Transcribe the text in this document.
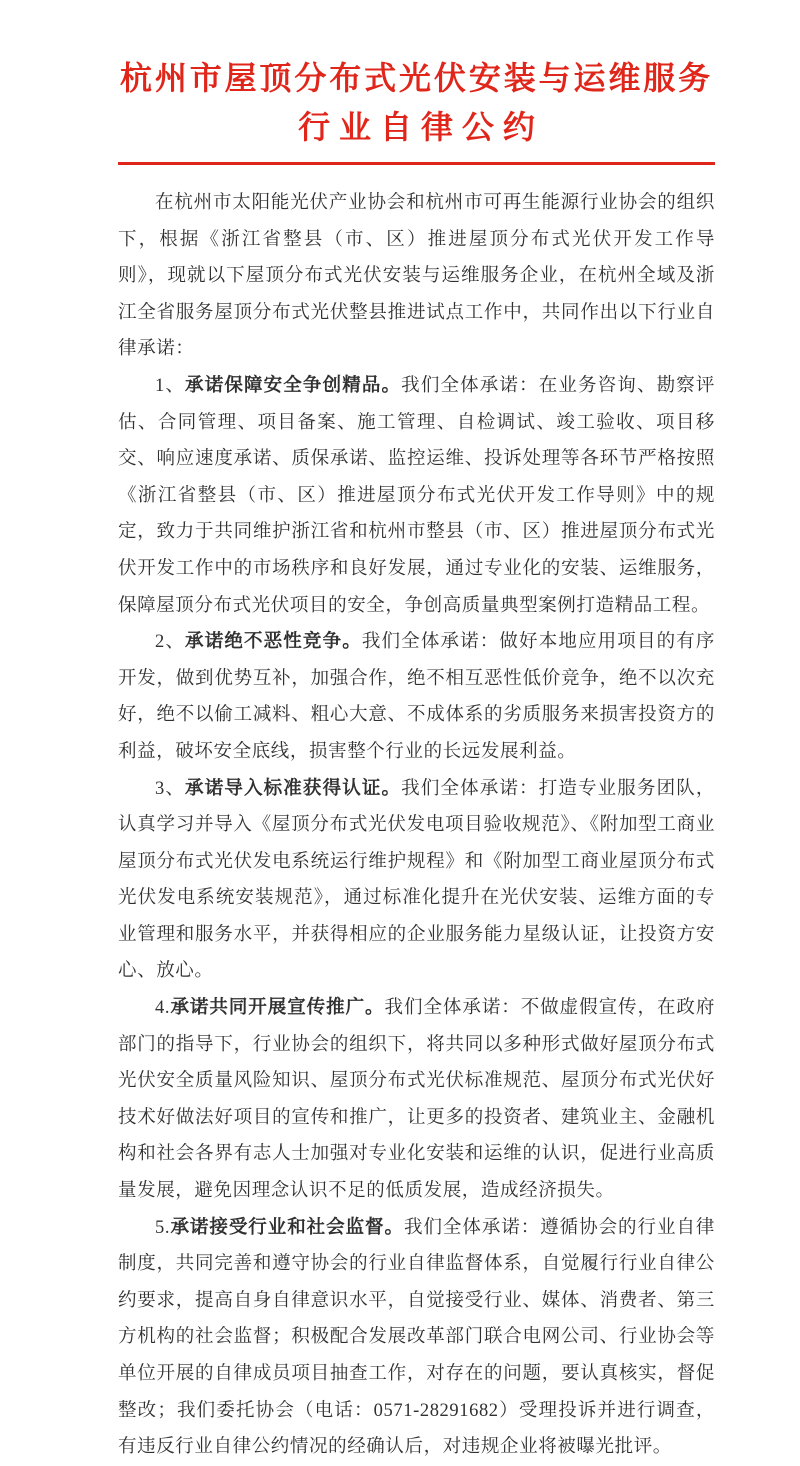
杭州市屋顶分布式光伏安装与运维服务
行业自律公约

在杭州市太阳能光伏产业协会和杭州市可再生能源行业协会的组织下，根据《浙江省整县（市、区）推进屋顶分布式光伏开发工作导则》，现就以下屋顶分布式光伏安装与运维服务企业，在杭州全域及浙江全省服务屋顶分布式光伏整县推进试点工作中，共同作出以下行业自律承诺：

1、承诺保障安全争创精品。我们全体承诺：在业务咨询、勘察评估、合同管理、项目备案、施工管理、自检调试、竣工验收、项目移交、响应速度承诺、质保承诺、监控运维、投诉处理等各环节严格按照《浙江省整县（市、区）推进屋顶分布式光伏开发工作导则》中的规定，致力于共同维护浙江省和杭州市整县（市、区）推进屋顶分布式光伏开发工作中的市场秩序和良好发展，通过专业化的安装、运维服务，保障屋顶分布式光伏项目的安全，争创高质量典型案例打造精品工程。

2、承诺绝不恶性竞争。我们全体承诺：做好本地应用项目的有序开发，做到优势互补，加强合作，绝不相互恶性低价竞争，绝不以次充好，绝不以偷工减料、粗心大意、不成体系的劣质服务来损害投资方的利益，破坏安全底线，损害整个行业的长远发展利益。

3、承诺导入标准获得认证。我们全体承诺：打造专业服务团队，认真学习并导入《屋顶分布式光伏发电项目验收规范》、《附加型工商业屋顶分布式光伏发电系统运行维护规程》和《附加型工商业屋顶分布式光伏发电系统安装规范》，通过标准化提升在光伏安装、运维方面的专业管理和服务水平，并获得相应的企业服务能力星级认证，让投资方安心、放心。

4.承诺共同开展宣传推广。我们全体承诺：不做虚假宣传，在政府部门的指导下，行业协会的组织下，将共同以多种形式做好屋顶分布式光伏安全质量风险知识、屋顶分布式光伏标准规范、屋顶分布式光伏好技术好做法好项目的宣传和推广，让更多的投资者、建筑业主、金融机构和社会各界有志人士加强对专业化安装和运维的认识，促进行业高质量发展，避免因理念认识不足的低质发展，造成经济损失。

5.承诺接受行业和社会监督。我们全体承诺：遵循协会的行业自律制度，共同完善和遵守协会的行业自律监督体系，自觉履行行业自律公约要求，提高自身自律意识水平，自觉接受行业、媒体、消费者、第三方机构的社会监督；积极配合发展改革部门联合电网公司、行业协会等单位开展的自律成员项目抽查工作，对存在的问题，要认真核实，督促整改；我们委托协会（电话：0571-28291682）受理投诉并进行调查，有违反行业自律公约情况的经确认后，对违规企业将被曝光批评。
